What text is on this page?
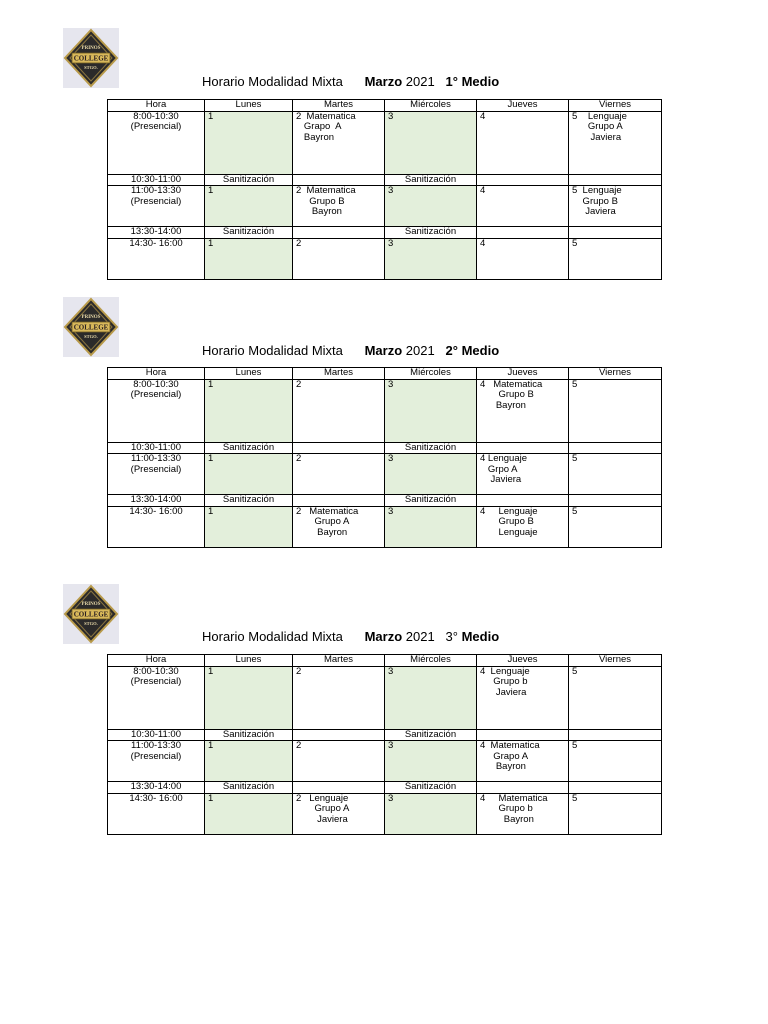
PRINOS
COLLEGE
STGO.
Horario Modalidad Mixta Marzo 2021 1° Medio
Hora	Lunes	Martes	Miércoles	Jueves	Viernes
8:00-10:30
(Presencial)	1	2  Matematica
Grapo  A
Bayron	3	4	5    Lenguaje
Grupo A
Javiera
10:30-11:00	Sanitización		Sanitización		
11:00-13:30
(Presencial)	1	2  Matematica
Grupo B
Bayron	3	4	5  Lenguaje
Grupo B
Javiera
13:30-14:00	Sanitización		Sanitización		
14:30- 16:00	1	2	3	4	5
PRINOS
COLLEGE
STGO.
Horario Modalidad Mixta Marzo 2021 2° Medio
Hora	Lunes	Martes	Miércoles	Jueves	Viernes
8:00-10:30
(Presencial)	1	2	3	4   Matematica
Grupo B
Bayron	5
10:30-11:00	Sanitización		Sanitización		
11:00-13:30
(Presencial)	1	2	3	4 Lenguaje
Grpo A
Javiera	5
13:30-14:00	Sanitización		Sanitización		
14:30- 16:00	1	2   Matematica
Grupo A
Bayron	3	4     Lenguaje
Grupo B
Lenguaje	5
PRINOS
COLLEGE
STGO.
Horario Modalidad Mixta Marzo 2021 3° Medio
Hora	Lunes	Martes	Miércoles	Jueves	Viernes
8:00-10:30
(Presencial)	1	2	3	4  Lenguaje
Grupo b
Javiera	5
10:30-11:00	Sanitización		Sanitización		
11:00-13:30
(Presencial)	1	2	3	4  Matematica
Grapo A
Bayron	5
13:30-14:00	Sanitización		Sanitización		
14:30- 16:00	1	2   Lenguaje
Grupo A
Javiera	3	4     Matematica
Grupo b
Bayron	5
